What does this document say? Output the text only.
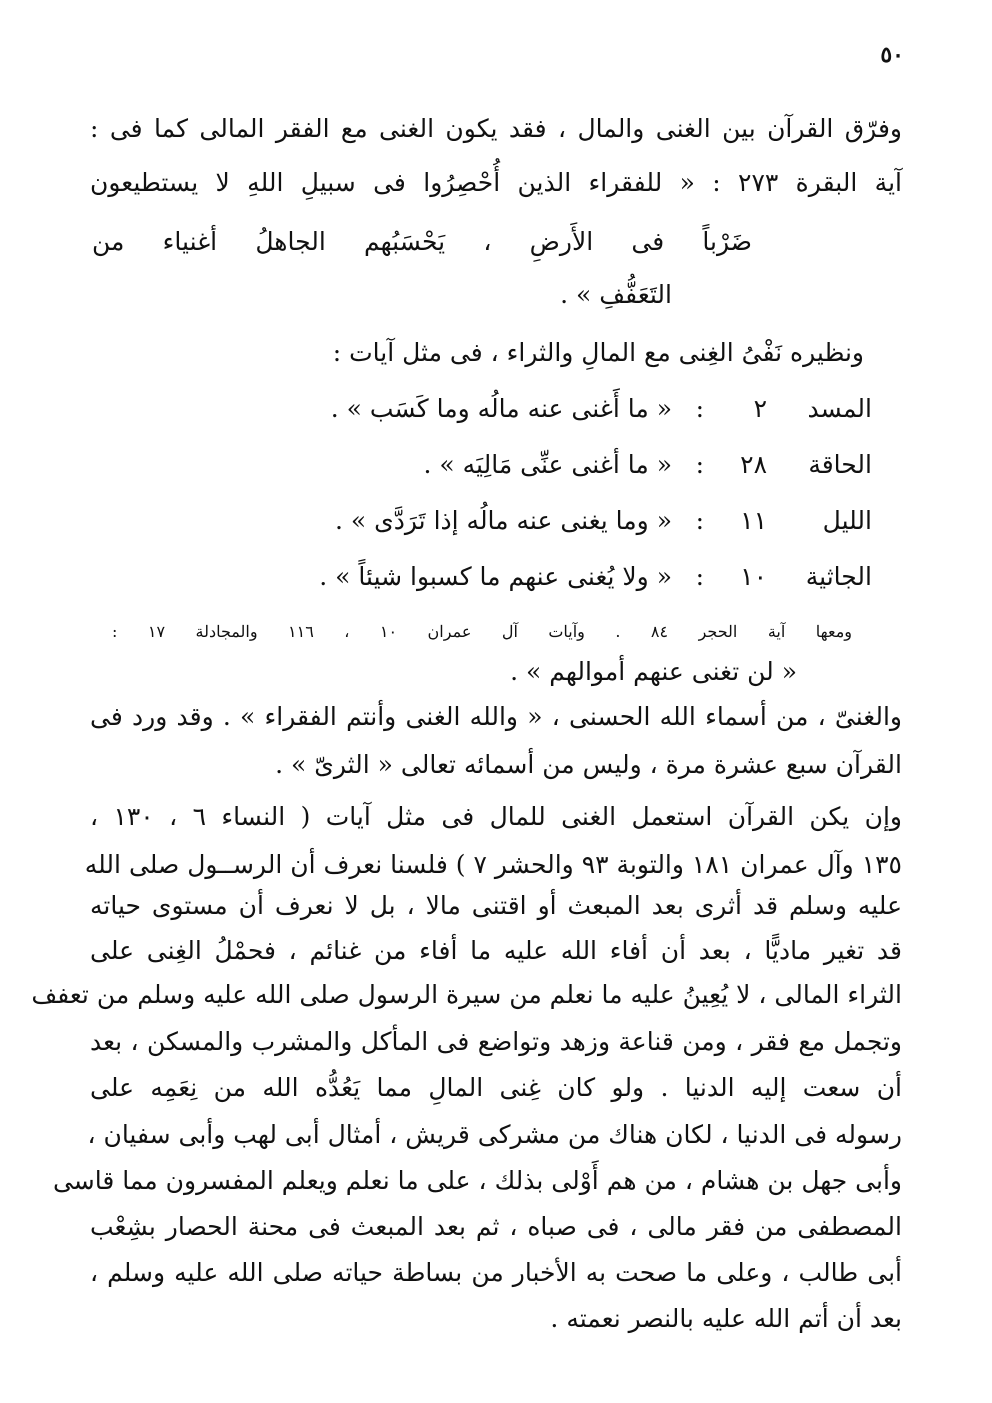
٥٠
وفرّق القرآن بين الغنى والمال ، فقد يكون الغنى مع الفقر المالى كما فى :
آية البقرة ٢٧٣ : « للفقراء الذين أُحْصِرُوا فى سبيلِ اللهِ لا يستطيعون
ضَرْباً فى الأَرضِ ، يَحْسَبُهم الجاهلُ أغنياء من
التَعَفُّفِ » .
ونظيره نَفْىُ الغِنى مع المالِ والثراء ، فى مثل آيات :
المسد
٢
:
« ما أَغنى عنه مالُه وما كَسَب » .
الحاقة
٢٨
:
« ما أغنى عنِّى مَالِيَه » .
الليل
١١
:
« وما يغنى عنه مالُه إذا تَرَدَّى » .
الجاثية
١٠
:
« ولا يُغنى عنهم ما كسبوا شيئاً » .
ومعها آية الحجر ٨٤ . وآيات آل عمران ١٠ ، ١١٦ والمجادلة ١٧ :
« لن تغنى عنهم أموالهم » .
والغنىّ ، من أسماء الله الحسنى ، « والله الغنى وأنتم الفقراء » . وقد ورد فى
القرآن سبع عشرة مرة ، وليس من أسمائه تعالى « الثرىّ » .
وإن يكن القرآن استعمل الغنى للمال فى مثل آيات ( النساء ٦ ، ١٣٠ ،
١٣٥ وآل عمران ١٨١ والتوبة ٩٣ والحشر ٧ ) فلسنا نعرف أن الرســول صلى الله
عليه وسلم قد أثرى بعد المبعث أو اقتنى مالا ، بل لا نعرف أن مستوى حياته
قد تغير ماديًّا ، بعد أن أفاء الله عليه ما أفاء من غنائم ، فحمْلُ الغِنى على
الثراء المالى ، لا يُعِينُ عليه ما نعلم من سيرة الرسول صلى الله عليه وسلم من تعفف
وتجمل مع فقر ، ومن قناعة وزهد وتواضع فى المأكل والمشرب والمسكن ، بعد
أن سعت إليه الدنيا . ولو كان غِنى المالِ مما يَعُدُّه الله من نِعَمِه على
رسوله فى الدنيا ، لكان هناك من مشركى قريش ، أمثال أبى لهب وأبى سفيان ،
وأبى جهل بن هشام ، من هم أَوْلى بذلك ، على ما نعلم ويعلم المفسرون مما قاسى
المصطفى من فقر مالى ، فى صباه ، ثم بعد المبعث فى محنة الحصار بشِعْب
أبى طالب ، وعلى ما صحت به الأخبار من بساطة حياته صلى الله عليه وسلم ،
بعد أن أتم الله عليه بالنصر نعمته .
